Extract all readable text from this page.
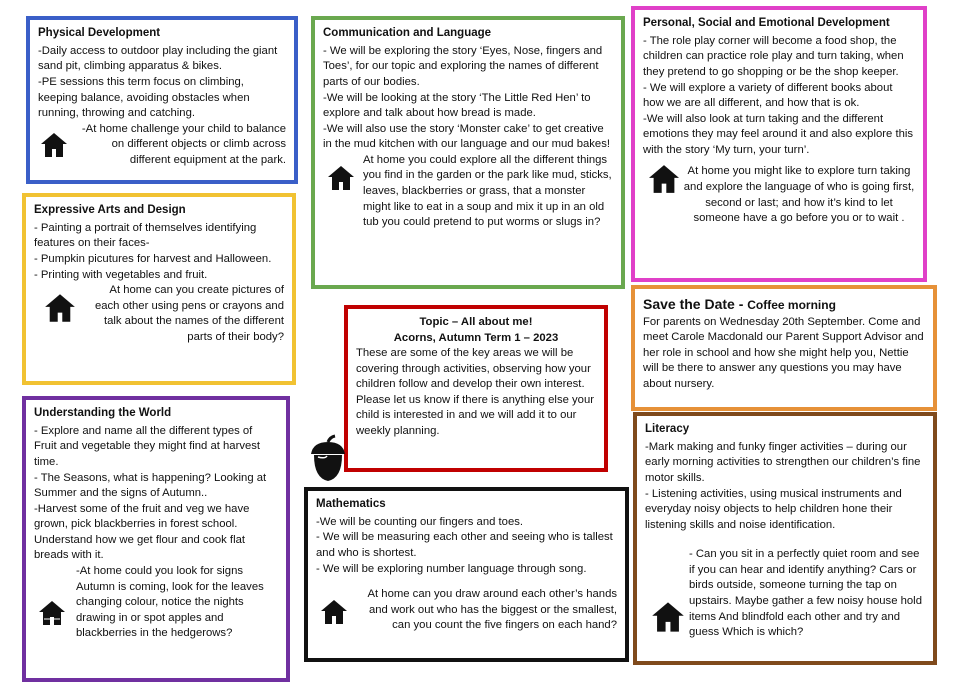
Physical Development

-Daily access to outdoor play including the giant sand pit, climbing apparatus & bikes.

-PE sessions this term focus on climbing, keeping balance, avoiding obstacles when running, throwing and catching.

-At home challenge your child to balance on different objects or climb across different equipment at the park.

Communication and Language

- We will be exploring the story ‘Eyes, Nose, fingers and Toes’, for our topic and exploring the names of different parts of our bodies.

-We will be looking at the story ‘The Little Red Hen’ to explore and talk about how bread is made.

-We will also use the story ‘Monster cake’ to get creative in the mud kitchen with our language and our mud bakes!

At home you could explore all the different things you find in the garden or the park like mud, sticks, leaves, blackberries or grass, that a monster might like to eat in a soup and mix it up in an old tub you could pretend to put worms or slugs in?

Personal, Social and Emotional Development

- The role play corner will become a food shop, the children can practice role play and turn taking, when they pretend to go shopping or be the shop keeper.

- We will explore a variety of different books about how we are all different, and how that is ok.

-We will also look at turn taking and the different emotions they may feel around it and also explore this with the story ‘My turn, your turn’.

At home you might like to explore turn taking and explore the language of who is going first, second or last; and how it’s kind to let someone have a go before you or to wait .

Expressive Arts and Design

- Painting a portrait of themselves identifying features on their faces-

- Pumpkin picutures for harvest and Halloween.

- Printing with vegetables and fruit.

At home can you create pictures of each other using pens or crayons and talk about the names of the different parts of their body?

Topic – All about me!

Acorns, Autumn Term 1 – 2023

These are some of the key areas we will be covering through activities, observing how your children follow and develop their own interest. Please let us know if there is anything else your child is interested in and we will add it to our weekly planning.

Save the Date - Coffee morning

For parents on Wednesday 20th September. Come and meet Carole Macdonald our Parent Support Advisor and her role in school and how she might help you, Nettie will be there to answer any questions you may have about nursery.

Understanding the World

- Explore and name all the different types of Fruit and vegetable they might find at harvest time.

- The Seasons, what is happening? Looking at Summer and the signs of Autumn..

-Harvest some of the fruit and veg we have grown, pick blackberries in forest school. Understand how we get flour and cook flat breads with it.

-At home could you look for signs Autumn is coming, look for the leaves changing colour, notice the nights drawing in or spot apples and blackberries in the hedgerows?

Mathematics

-We will be counting our fingers and toes.

- We will be measuring each other and seeing who is tallest and who is shortest.

- We will be exploring number language through song.

At home can you draw around each other’s hands and work out who has the biggest or the smallest, can you count the five fingers on each hand?

Literacy

-Mark making and funky finger activities – during our early morning activities to strengthen our children’s fine motor skills.

- Listening activities, using musical instruments and everyday noisy objects to help children hone their listening skills and noise identification.

- Can you sit in a perfectly quiet room and see if you can hear and identify anything? Cars or birds outside, someone turning the tap on upstairs. Maybe gather a few noisy house hold items And blindfold each other and try and guess Which is which?
